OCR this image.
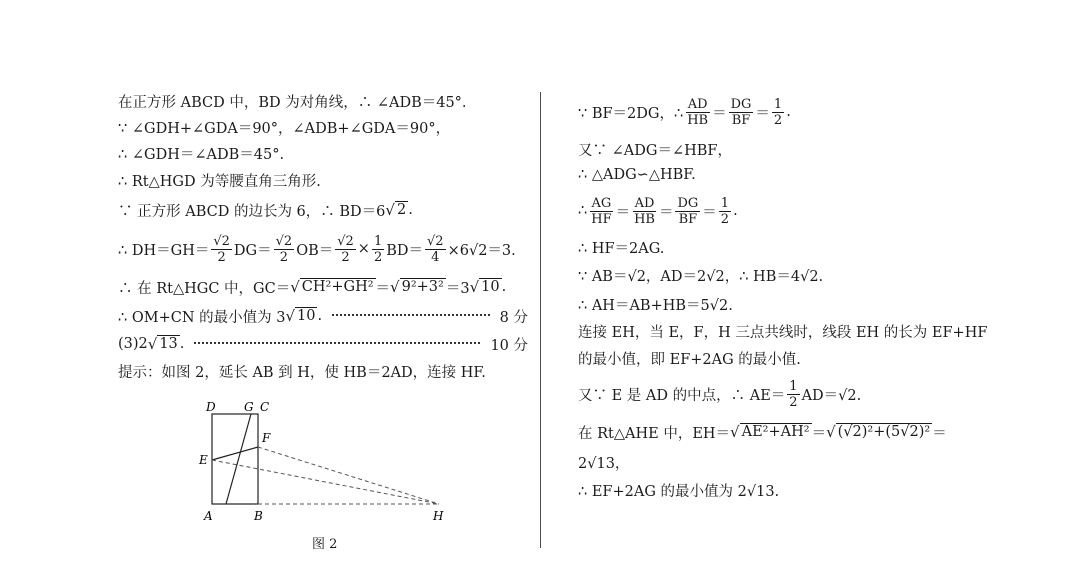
在正方形 ABCD 中，BD 为对角线，∴ ∠ADB＝45°.
∵ ∠GDH+∠GDA＝90°，∠ADB+∠GDA＝90°，
∴ ∠GDH＝∠ADB＝45°.
∴ Rt△HGD 为等腰直角三角形.
∵ 正方形 ABCD 的边长为 6，∴ BD＝6 √ 2 .
∴ $DH=GH= \frac{√2}{2} DG= \frac{√2}{2} OB= \frac{√2}{2} \times \frac{1}{2} BD= \frac{√2}{4} \times 6√2=3$.
∴ 在 Rt△HGC 中，GC＝ √ CH²+GH² ＝ √ 9²+3² ＝3 √ 10 .
∴ OM+CN 的最小值为 3 √ 10 .	8 分
(3)2 √ 13 .	10 分
提示：如图 2，延长 AB 到 H，使 HB＝2AD，连接 HF.
D G C
F
E
A	B	H
图 2
∵ BF＝2DG，∴ $\frac{AD}{HB} = \frac{DG}{BF} = \frac{1}{2}$ .
又∵ ∠ADG＝∠HBF，
∴ △ADG∽△HBF.
∴ $\frac{AG}{HF} = \frac{AD}{HB} = \frac{DG}{BF} = \frac{1}{2}$ .
∴ HF＝2AG.
∵ AB＝√2，AD＝2√2，∴ HB＝4√2.
∴ AH＝AB+HB＝5√2.
连接 EH，当 E，F，H 三点共线时，线段 EH 的长为 EF+HF
的最小值，即 EF+2AG 的最小值.
又∵ E 是 AD 的中点，∴ $AE= \frac{1}{2} AD=√2$.
在 Rt△AHE 中，EH＝ √ AE²+AH² ＝ √ (√2)²+(5√2)² ＝
2√13，
∴ EF+2AG 的最小值为 2√13.
